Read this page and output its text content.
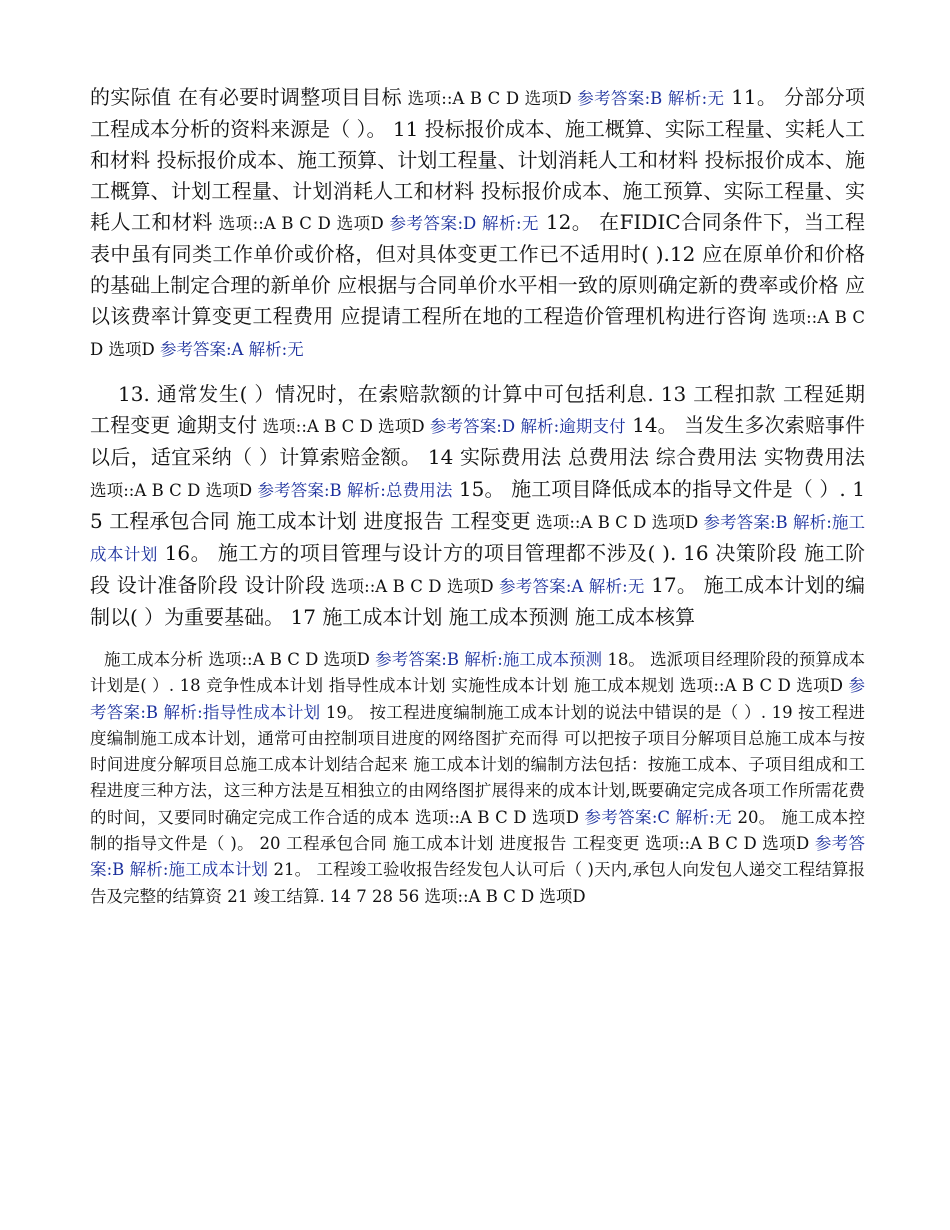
的实际值 在有必要时调整项目目标 选项::A B C D 选项D 参考答案:B 解析:无 11。 分部分项工程成本分析的资料来源是（ ）。 11 投标报价成本、施工概算、实际工程量、实耗人工和材料 投标报价成本、施工预算、计划工程量、计划消耗人工和材料 投标报价成本、施工概算、计划工程量、计划消耗人工和材料 投标报价成本、施工预算、实际工程量、实耗人工和材料 选项::A B C D 选项D 参考答案:D 解析:无 12。 在FIDIC合同条件下，当工程表中虽有同类工作单价或价格，但对具体变更工作已不适用时( ).12 应在原单价和价格的基础上制定合理的新单价 应根据与合同单价水平相一致的原则确定新的费率或价格 应以该费率计算变更工程费用 应提请工程所在地的工程造价管理机构进行咨询 选项::A B C D 选项D 参考答案:A 解析:无

13. 通常发生( ）情况时，在索赔款额的计算中可包括利息. 13 工程扣款 工程延期 工程变更 逾期支付 选项::A B C D 选项D 参考答案:D 解析:逾期支付 14。 当发生多次索赔事件以后，适宜采纳（ ）计算索赔金额。 14 实际费用法 总费用法 综合费用法 实物费用法 选项::A B C D 选项D 参考答案:B 解析:总费用法 15。 施工项目降低成本的指导文件是（ ）. 15 工程承包合同 施工成本计划 进度报告 工程变更 选项::A B C D 选项D 参考答案:B 解析:施工成本计划 16。 施工方的项目管理与设计方的项目管理都不涉及( ). 16 决策阶段 施工阶段 设计准备阶段 设计阶段 选项::A B C D 选项D 参考答案:A 解析:无 17。 施工成本计划的编制以( ）为重要基础。 17 施工成本计划 施工成本预测 施工成本核算

施工成本分析 选项::A B C D 选项D 参考答案:B 解析:施工成本预测 18。 选派项目经理阶段的预算成本计划是( ）. 18 竞争性成本计划 指导性成本计划 实施性成本计划 施工成本规划 选项::A B C D 选项D 参考答案:B 解析:指导性成本计划 19。 按工程进度编制施工成本计划的说法中错误的是（ ）. 19 按工程进度编制施工成本计划，通常可由控制项目进度的网络图扩充而得 可以把按子项目分解项目总施工成本与按时间进度分解项目总施工成本计划结合起来 施工成本计划的编制方法包括：按施工成本、子项目组成和工程进度三种方法，这三种方法是互相独立的由网络图扩展得来的成本计划,既要确定完成各项工作所需花费的时间，又要同时确定完成工作合适的成本 选项::A B C D 选项D 参考答案:C 解析:无 20。 施工成本控制的指导文件是（ )。 20 工程承包合同 施工成本计划 进度报告 工程变更 选项::A B C D 选项D 参考答案:B 解析:施工成本计划 21。 工程竣工验收报告经发包人认可后（ )天内,承包人向发包人递交工程结算报告及完整的结算资 21 竣工结算. 14 7 28 56 选项::A B C D 选项D
